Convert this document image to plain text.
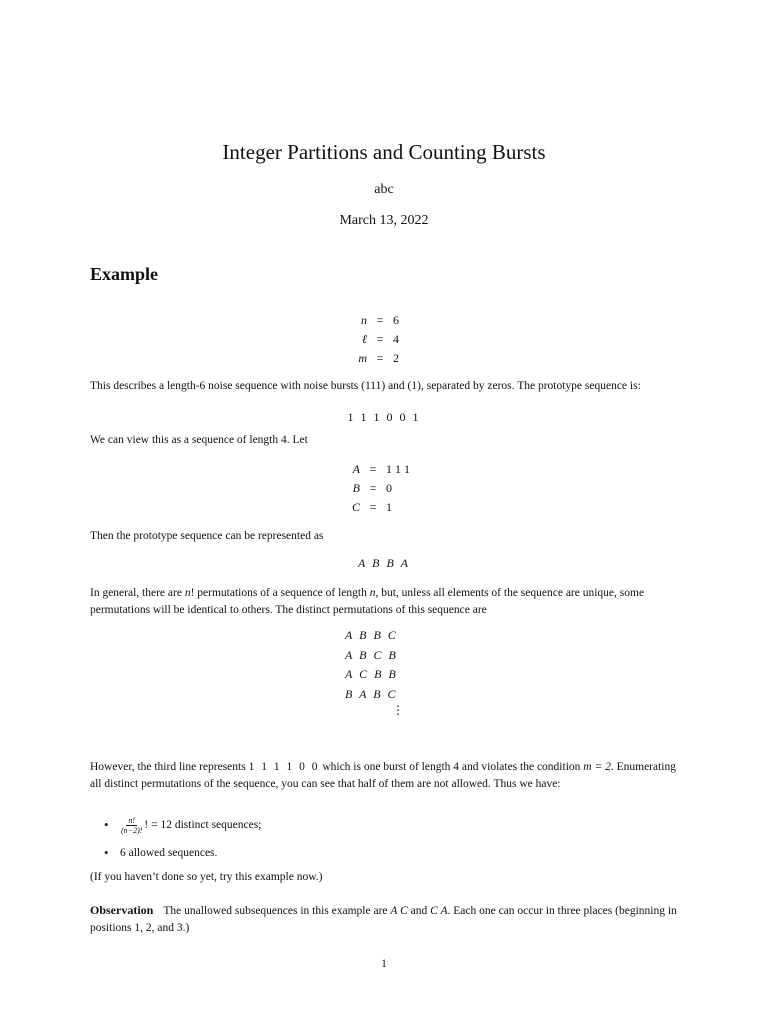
Integer Partitions and Counting Bursts
abc
March 13, 2022
Example
n = 6
ℓ = 4
m = 2
This describes a length-6 noise sequence with noise bursts (111) and (1), separated by zeros. The prototype sequence is:
1 1 1 0 0 1
We can view this as a sequence of length 4. Let
A = 1 1 1
B = 0
C = 1
Then the prototype sequence can be represented as
A B B A
In general, there are n! permutations of a sequence of length n, but, unless all elements of the sequence are unique, some permutations will be identical to others. The distinct permutations of this sequence are
A B B C
A B C B
A C B B
B A B C
⋮
However, the third line represents 1 1 1 1 0 0 which is one burst of length 4 and violates the condition m = 2. Enumerating all distinct permutations of the sequence, you can see that half of them are not allowed. Thus we have:
•	$\frac{n!}{(n-2)!}$ ! = 12 distinct sequences;
• 6 allowed sequences.
(If you haven’t done so yet, try this example now.)
Observation The unallowed subsequences in this example are A C and C A. Each one can occur in three places (beginning in positions 1, 2, and 3.)
1
